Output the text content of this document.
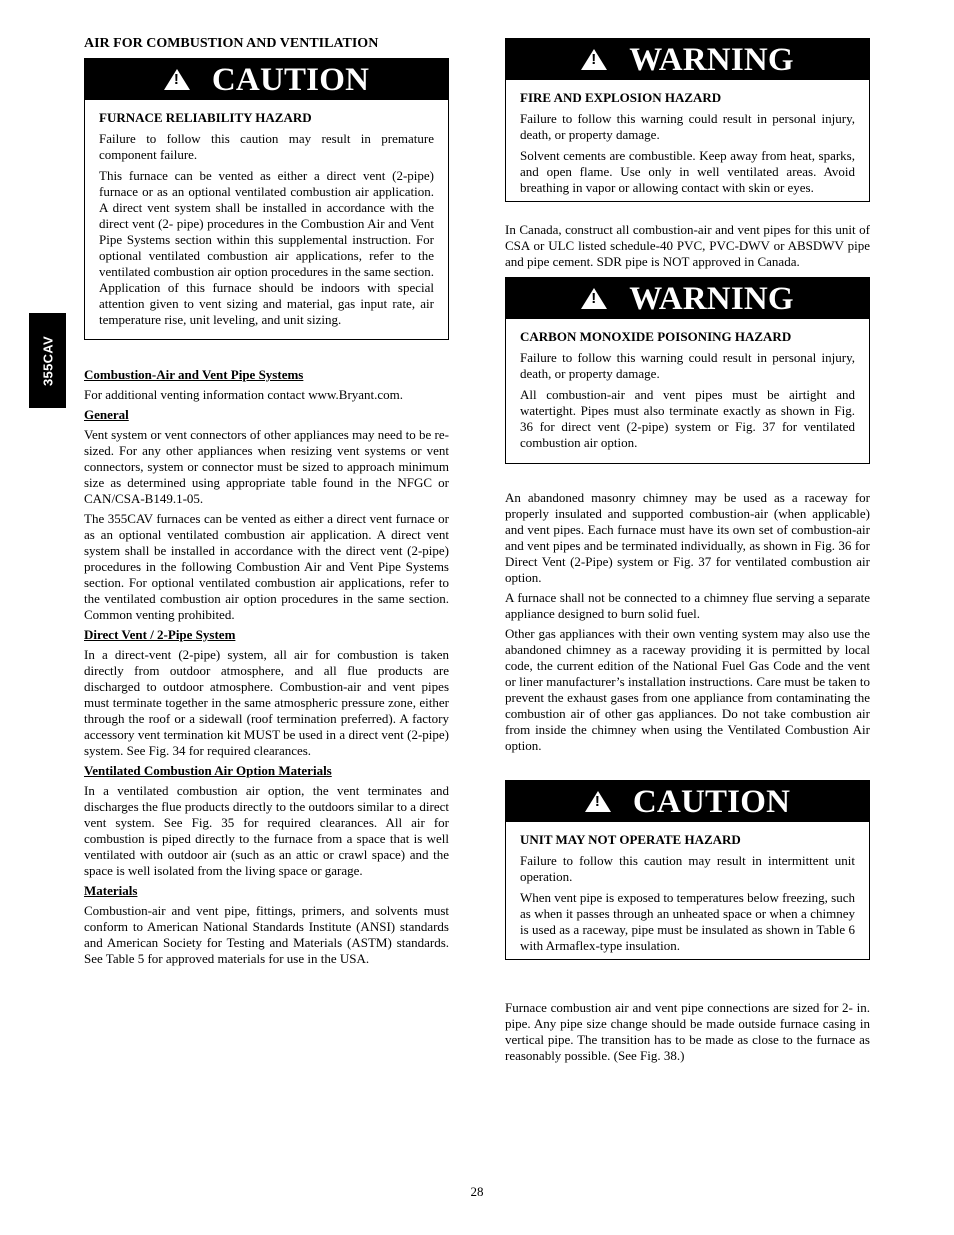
355CAV
AIR FOR COMBUSTION AND VENTILATION
! CAUTION

FURNACE RELIABILITY HAZARD

Failure to follow this caution may result in premature component failure.

This furnace can be vented as either a direct vent (2-pipe) furnace or as an optional ventilated combustion air application. A direct vent system shall be installed in accordance with the direct vent (2- pipe) procedures in the Combustion Air and Vent Pipe Systems section within this supplemental instruction. For optional ventilated combustion air applications, refer to the ventilated combustion air option procedures in the same section. Application of this furnace should be indoors with special attention given to vent sizing and material, gas input rate, air temperature rise, unit leveling, and unit sizing.

Combustion-Air and Vent Pipe Systems

For additional venting information contact www.Bryant.com.

General

Vent system or vent connectors of other appliances may need to be re-sized. For any other appliances when resizing vent systems or vent connectors, system or connector must be sized to approach minimum size as determined using appropriate table found in the NFGC or CAN/CSA-B149.1-05.

The 355CAV furnaces can be vented as either a direct vent furnace or as an optional ventilated combustion air application. A direct vent system shall be installed in accordance with the direct vent (2-pipe) procedures in the following Combustion Air and Vent Pipe Systems section. For optional ventilated combustion air applications, refer to the ventilated combustion air option procedures in the same section. Common venting prohibited.

Direct Vent / 2-Pipe System

In a direct-vent (2-pipe) system, all air for combustion is taken directly from outdoor atmosphere, and all flue products are discharged to outdoor atmosphere. Combustion-air and vent pipes must terminate together in the same atmospheric pressure zone, either through the roof or a sidewall (roof termination preferred). A factory accessory vent termination kit MUST be used in a direct vent (2-pipe) system. See Fig. 34 for required clearances.

Ventilated Combustion Air Option Materials

In a ventilated combustion air option, the vent terminates and discharges the flue products directly to the outdoors similar to a direct vent system. See Fig. 35 for required clearances. All air for combustion is piped directly to the furnace from a space that is well ventilated with outdoor air (such as an attic or crawl space) and the space is well isolated from the living space or garage.

Materials

Combustion-air and vent pipe, fittings, primers, and solvents must conform to American National Standards Institute (ANSI) standards and American Society for Testing and Materials (ASTM) standards. See Table 5 for approved materials for use in the USA.

! WARNING

FIRE AND EXPLOSION HAZARD

Failure to follow this warning could result in personal injury, death, or property damage.

Solvent cements are combustible. Keep away from heat, sparks, and open flame. Use only in well ventilated areas. Avoid breathing in vapor or allowing contact with skin or eyes.

In Canada, construct all combustion-air and vent pipes for this unit of CSA or ULC listed schedule-40 PVC, PVC-DWV or ABSDWV pipe and pipe cement. SDR pipe is NOT approved in Canada.

! WARNING

CARBON MONOXIDE POISONING HAZARD

Failure to follow this warning could result in personal injury, death, or property damage.

All combustion-air and vent pipes must be airtight and watertight. Pipes must also terminate exactly as shown in Fig. 36 for direct vent (2-pipe) system or Fig. 37 for ventilated combustion air option.

An abandoned masonry chimney may be used as a raceway for properly insulated and supported combustion-air (when applicable) and vent pipes. Each furnace must have its own set of combustion-air and vent pipes and be terminated individually, as shown in Fig. 36 for Direct Vent (2-Pipe) system or Fig. 37 for ventilated combustion air option.

A furnace shall not be connected to a chimney flue serving a separate appliance designed to burn solid fuel.

Other gas appliances with their own venting system may also use the abandoned chimney as a raceway providing it is permitted by local code, the current edition of the National Fuel Gas Code and the vent or liner manufacturer’s installation instructions. Care must be taken to prevent the exhaust gases from one appliance from contaminating the combustion air of other gas appliances. Do not take combustion air from inside the chimney when using the Ventilated Combustion Air option.

! CAUTION

UNIT MAY NOT OPERATE HAZARD

Failure to follow this caution may result in intermittent unit operation.

When vent pipe is exposed to temperatures below freezing, such as when it passes through an unheated space or when a chimney is used as a raceway, pipe must be insulated as shown in Table 6 with Armaflex-type insulation.

Furnace combustion air and vent pipe connections are sized for 2- in. pipe. Any pipe size change should be made outside furnace casing in vertical pipe. The transition has to be made as close to the furnace as reasonably possible. (See Fig. 38.)

28
